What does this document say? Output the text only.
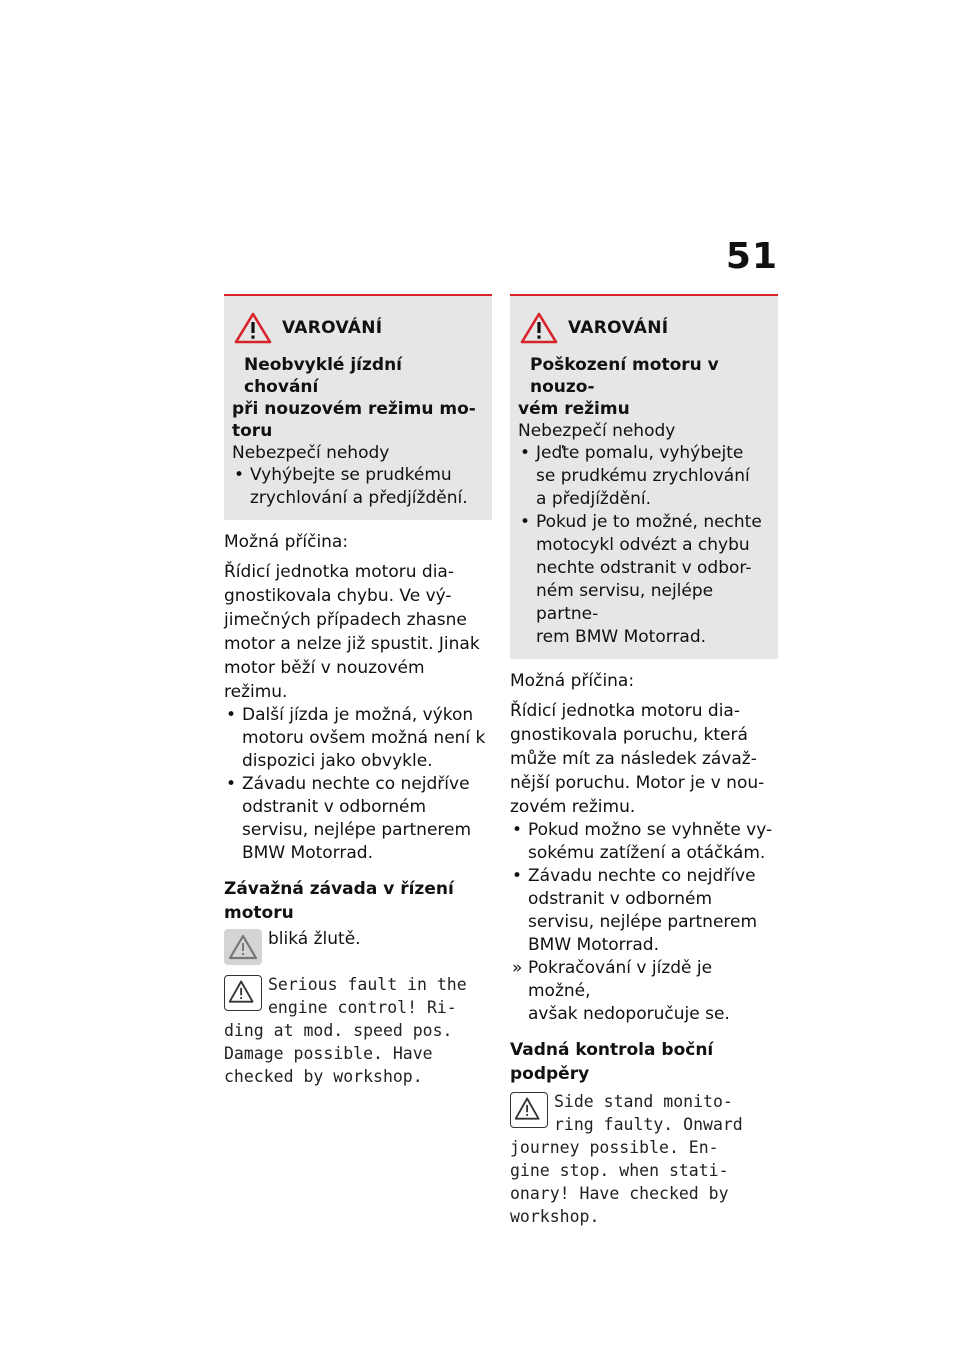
51
VAROVÁNÍ
Neobvyklé jízdní chování
při nouzovém režimu mo-
toru
Nebezpečí nehody
• Vyhýbejte se prudkému
zrychlování a předjíždění.
Možná příčina:
Řídicí jednotka motoru dia-
gnostikovala chybu. Ve vý-
jimečných případech zhasne
motor a nelze již spustit. Jinak
motor běží v nouzovém režimu.
• Další jízda je možná, výkon
motoru ovšem možná není k
dispozici jako obvykle.
• Závadu nechte co nejdříve
odstranit v odborném
servisu, nejlépe partnerem
BMW Motorrad.
Závažná závada v řízení
motoru
bliká žlutě.
Serious fault in the
engine control! Ri-
ding at mod. speed pos.
Damage possible. Have
checked by workshop.
VAROVÁNÍ
Poškození motoru v nouzo-
vém režimu
Nebezpečí nehody
• Jeďte pomalu, vyhýbejte
se prudkému zrychlování
a předjíždění.
• Pokud je to možné, nechte
motocykl odvézt a chybu
nechte odstranit v odbor-
ném servisu, nejlépe partne-
rem BMW Motorrad.
Možná příčina:
Řídicí jednotka motoru dia-
gnostikovala poruchu, která
může mít za následek závaž-
nější poruchu. Motor je v nou-
zovém režimu.
• Pokud možno se vyhněte vy-
sokému zatížení a otáčkám.
• Závadu nechte co nejdříve
odstranit v odborném
servisu, nejlépe partnerem
BMW Motorrad.
» Pokračování v jízdě je možné,
avšak nedoporučuje se.
Vadná kontrola boční podpěry
Side stand monito-
ring faulty. Onward
journey possible. En-
gine stop. when stati-
onary! Have checked by
workshop.
